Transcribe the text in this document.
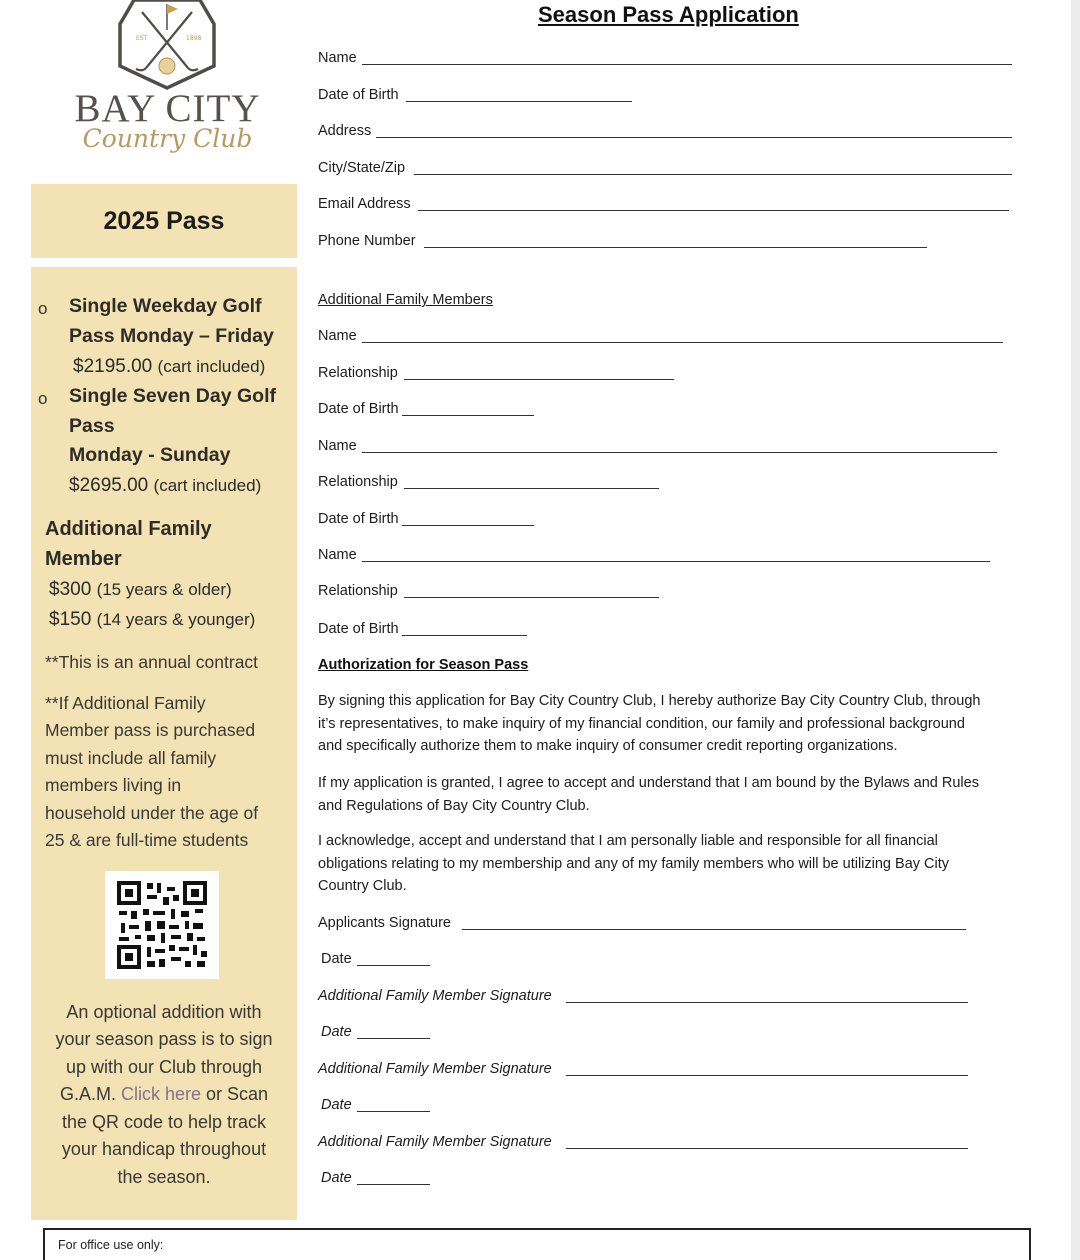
EST	1898
BAY CITY
Country Club
2025 Pass
o Single Weekday Golf
Pass Monday – Friday
$2195.00 (cart included)
o Single Seven Day Golf
Pass
Monday - Sunday
$2695.00 (cart included)
Additional Family
Member
$300 (15 years & older)
$150 (14 years & younger)
**This is an annual contract
**If Additional Family
Member pass is purchased
must include all family
members living in
household under the age of
25 & are full-time students
An optional addition with
your season pass is to sign
up with our Club through
G.A.M. Click here or Scan
the QR code to help track
your handicap throughout
the season.
Season Pass Application
Name
Date of Birth
Address
City/State/Zip
Email Address
Phone Number
Additional Family Members
Name
Relationship
Date of Birth
Name
Relationship
Date of Birth
Name
Relationship
Date of Birth
Authorization for Season Pass
By signing this application for Bay City Country Club, I hereby authorize Bay City Country Club, through
it’s representatives, to make inquiry of my financial condition, our family and professional background
and specifically authorize them to make inquiry of consumer credit reporting organizations.
If my application is granted, I agree to accept and understand that I am bound by the Bylaws and Rules
and Regulations of Bay City Country Club.
I acknowledge, accept and understand that I am personally liable and responsible for all financial
obligations relating to my membership and any of my family members who will be utilizing Bay City
Country Club.
Applicants Signature
Date
Additional Family Member Signature
Date
Additional Family Member Signature
Date
Additional Family Member Signature
Date
For office use only:
